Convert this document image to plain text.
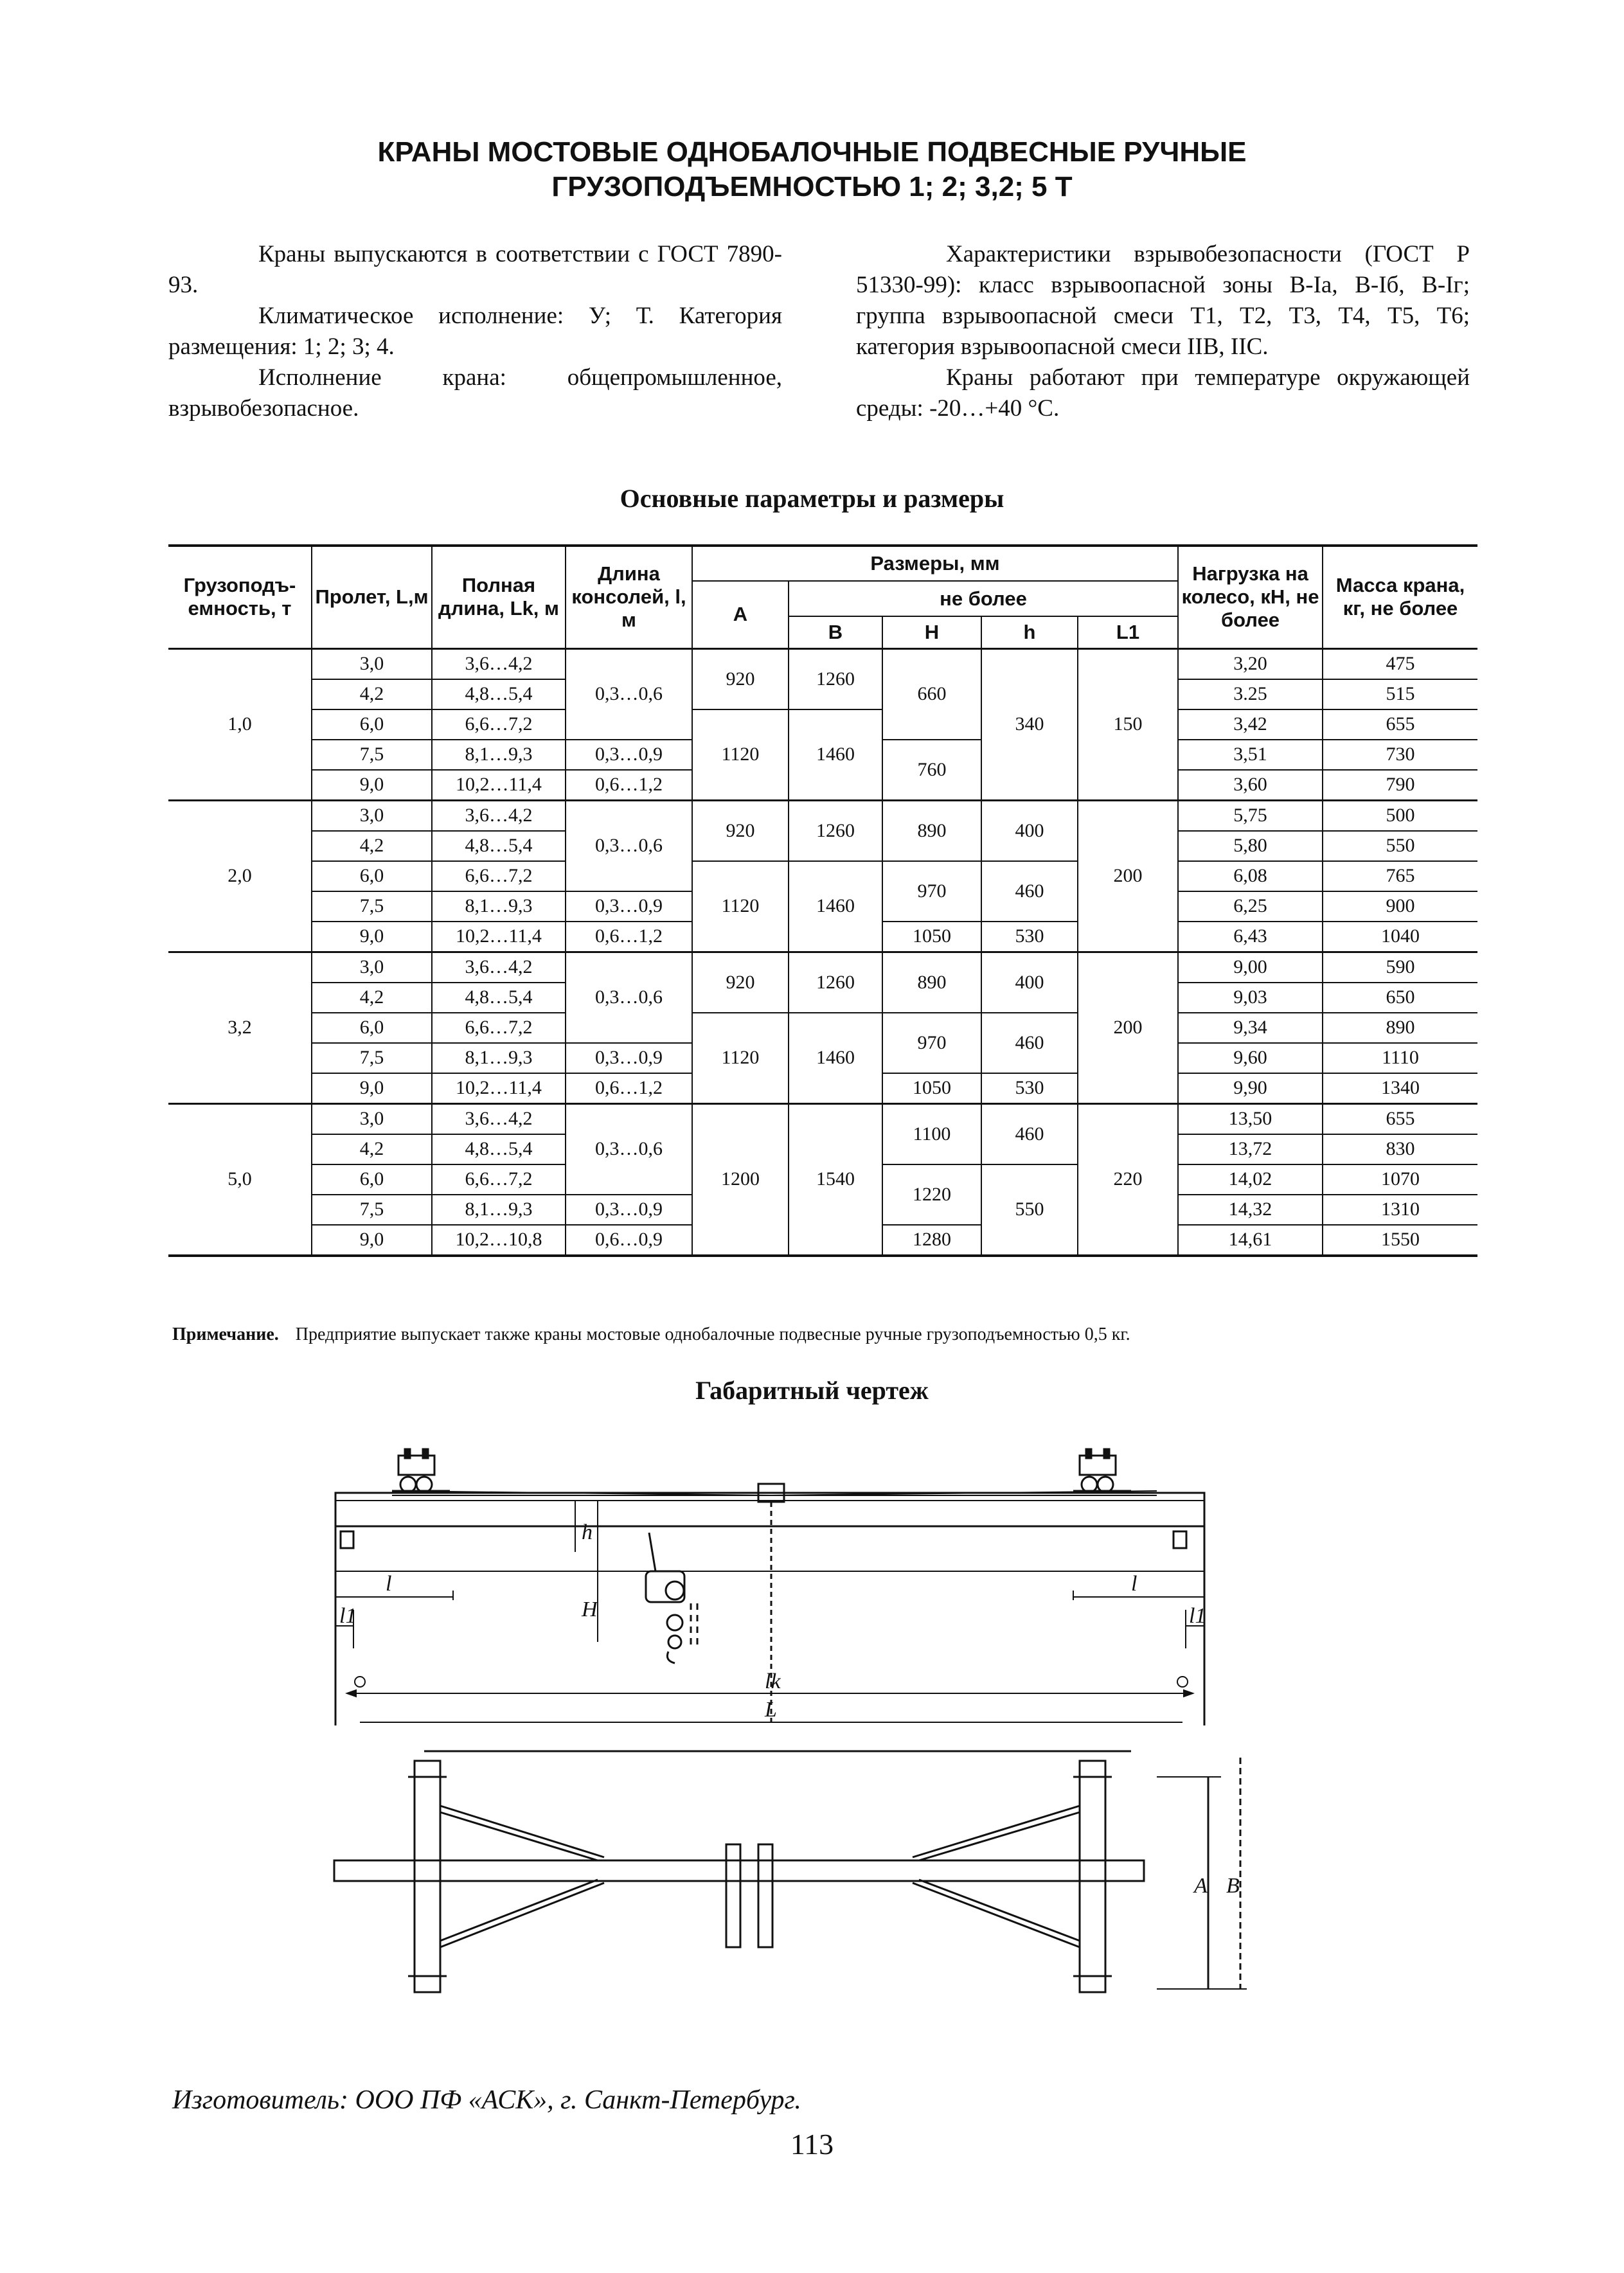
КРАНЫ МОСТОВЫЕ ОДНОБАЛОЧНЫЕ ПОДВЕСНЫЕ РУЧНЫЕ
ГРУЗОПОДЪЕМНОСТЬЮ 1; 2; 3,2; 5 Т

Краны выпускаются в соответствии с ГОСТ 7890-93.

Климатическое исполнение: У; Т. Категория размещения: 1; 2; 3; 4.

Исполнение крана: общепромышленное, взрывобезопасное.

Характеристики взрывобезопасности (ГОСТ Р 51330-99): класс взрывоопасной зоны B-Ia, B-Iб, B-Iг; группа взрывоопасной смеси Т1, Т2, Т3, Т4, Т5, Т6; категория взрывоопасной смеси IIВ, IIС.

Краны работают при температуре окружающей среды: -20…+40 °С.

Основные параметры и размеры
Грузоподъ-емность, т	Пролет, L,м	Полная длина, Lk, м	Длина консолей, l, м	Размеры, мм					Нагрузка на колесо, кН, не более	Масса крана, кг, не более
				A	не более					
					B	H	h	L1		
1,0	3,0	3,6…4,2	0,3…0,6	920	1260	660	340	150	3,20	475
	4,2	4,8…5,4							3.25	515
	6,0	6,6…7,2		1120	1460				3,42	655
	7,5	8,1…9,3	0,3…0,9			760			3,51	730
	9,0	10,2…11,4	0,6…1,2						3,60	790
2,0	3,0	3,6…4,2	0,3…0,6	920	1260	890	400	200	5,75	500
	4,2	4,8…5,4							5,80	550
	6,0	6,6…7,2		1120	1460	970	460		6,08	765
	7,5	8,1…9,3	0,3…0,9						6,25	900
	9,0	10,2…11,4	0,6…1,2			1050	530		6,43	1040
3,2	3,0	3,6…4,2	0,3…0,6	920	1260	890	400	200	9,00	590
	4,2	4,8…5,4							9,03	650
	6,0	6,6…7,2		1120	1460	970	460		9,34	890
	7,5	8,1…9,3	0,3…0,9						9,60	1110
	9,0	10,2…11,4	0,6…1,2			1050	530		9,90	1340
5,0	3,0	3,6…4,2	0,3…0,6	1200	1540	1100	460	220	13,50	655
	4,2	4,8…5,4							13,72	830
	6,0	6,6…7,2				1220	550		14,02	1070
	7,5	8,1…9,3	0,3…0,9						14,32	1310
	9,0	10,2…10,8	0,6…0,9			1280			14,61	1550
Примечание. Предприятие выпускает также краны мостовые однобалочные подвесные ручные грузоподъемностью 0,5 кг.
Габаритный чертеж
h
H
l	l
l1	l1
lk
L
A B
Изготовитель: ООО ПФ «АСК», г. Санкт-Петербург.
113
